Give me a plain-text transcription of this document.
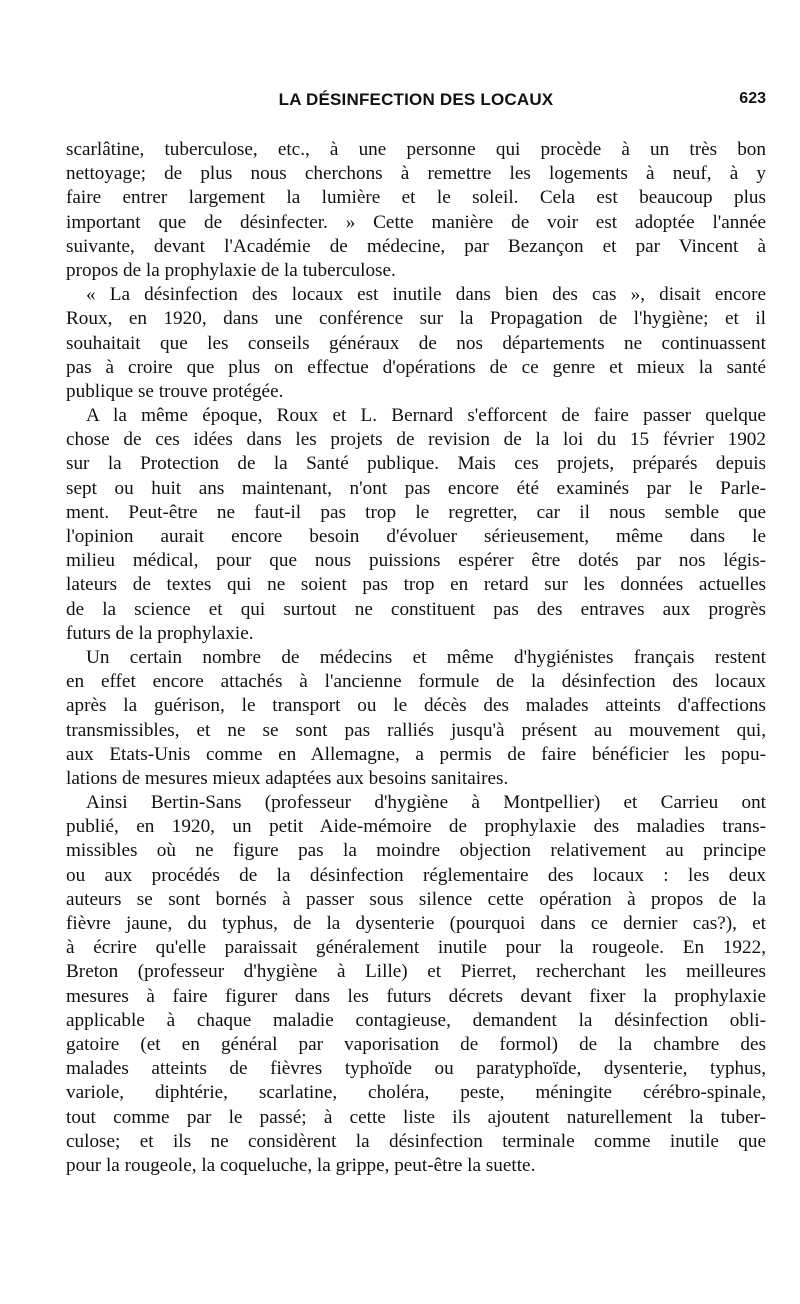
LA DÉSINFECTION DES LOCAUX	623
scarlâtine, tuberculose, etc., à une personne qui procède à un très bon
nettoyage; de plus nous cherchons à remettre les logements à neuf, à y
faire entrer largement la lumière et le soleil. Cela est beaucoup plus
important que de désinfecter. » Cette manière de voir est adoptée l'année
suivante, devant l'Académie de médecine, par Bezançon et par Vincent à
propos de la prophylaxie de la tuberculose.
« La désinfection des locaux est inutile dans bien des cas », disait encore
Roux, en 1920, dans une conférence sur la Propagation de l'hygiène; et il
souhaitait que les conseils généraux de nos départements ne continuassent
pas à croire que plus on effectue d'opérations de ce genre et mieux la santé
publique se trouve protégée.
A la même époque, Roux et L. Bernard s'efforcent de faire passer quelque
chose de ces idées dans les projets de revision de la loi du 15 février 1902
sur la Protection de la Santé publique. Mais ces projets, préparés depuis
sept ou huit ans maintenant, n'ont pas encore été examinés par le Parle-
ment. Peut-être ne faut-il pas trop le regretter, car il nous semble que
l'opinion aurait encore besoin d'évoluer sérieusement, même dans le
milieu médical, pour que nous puissions espérer être dotés par nos légis-
lateurs de textes qui ne soient pas trop en retard sur les données actuelles
de la science et qui surtout ne constituent pas des entraves aux progrès
futurs de la prophylaxie.
Un certain nombre de médecins et même d'hygiénistes français restent
en effet encore attachés à l'ancienne formule de la désinfection des locaux
après la guérison, le transport ou le décès des malades atteints d'affections
transmissibles, et ne se sont pas ralliés jusqu'à présent au mouvement qui,
aux Etats-Unis comme en Allemagne, a permis de faire bénéficier les popu-
lations de mesures mieux adaptées aux besoins sanitaires.
Ainsi Bertin-Sans (professeur d'hygiène à Montpellier) et Carrieu ont
publié, en 1920, un petit Aide-mémoire de prophylaxie des maladies trans-
missibles où ne figure pas la moindre objection relativement au principe
ou aux procédés de la désinfection réglementaire des locaux : les deux
auteurs se sont bornés à passer sous silence cette opération à propos de la
fièvre jaune, du typhus, de la dysenterie (pourquoi dans ce dernier cas?), et
à écrire qu'elle paraissait généralement inutile pour la rougeole. En 1922,
Breton (professeur d'hygiène à Lille) et Pierret, recherchant les meilleures
mesures à faire figurer dans les futurs décrets devant fixer la prophylaxie
applicable à chaque maladie contagieuse, demandent la désinfection obli-
gatoire (et en général par vaporisation de formol) de la chambre des
malades atteints de fièvres typhoïde ou paratyphoïde, dysenterie, typhus,
variole, diphtérie, scarlatine, choléra, peste, méningite cérébro-spinale,
tout comme par le passé; à cette liste ils ajoutent naturellement la tuber-
culose; et ils ne considèrent la désinfection terminale comme inutile que
pour la rougeole, la coqueluche, la grippe, peut-être la suette.
